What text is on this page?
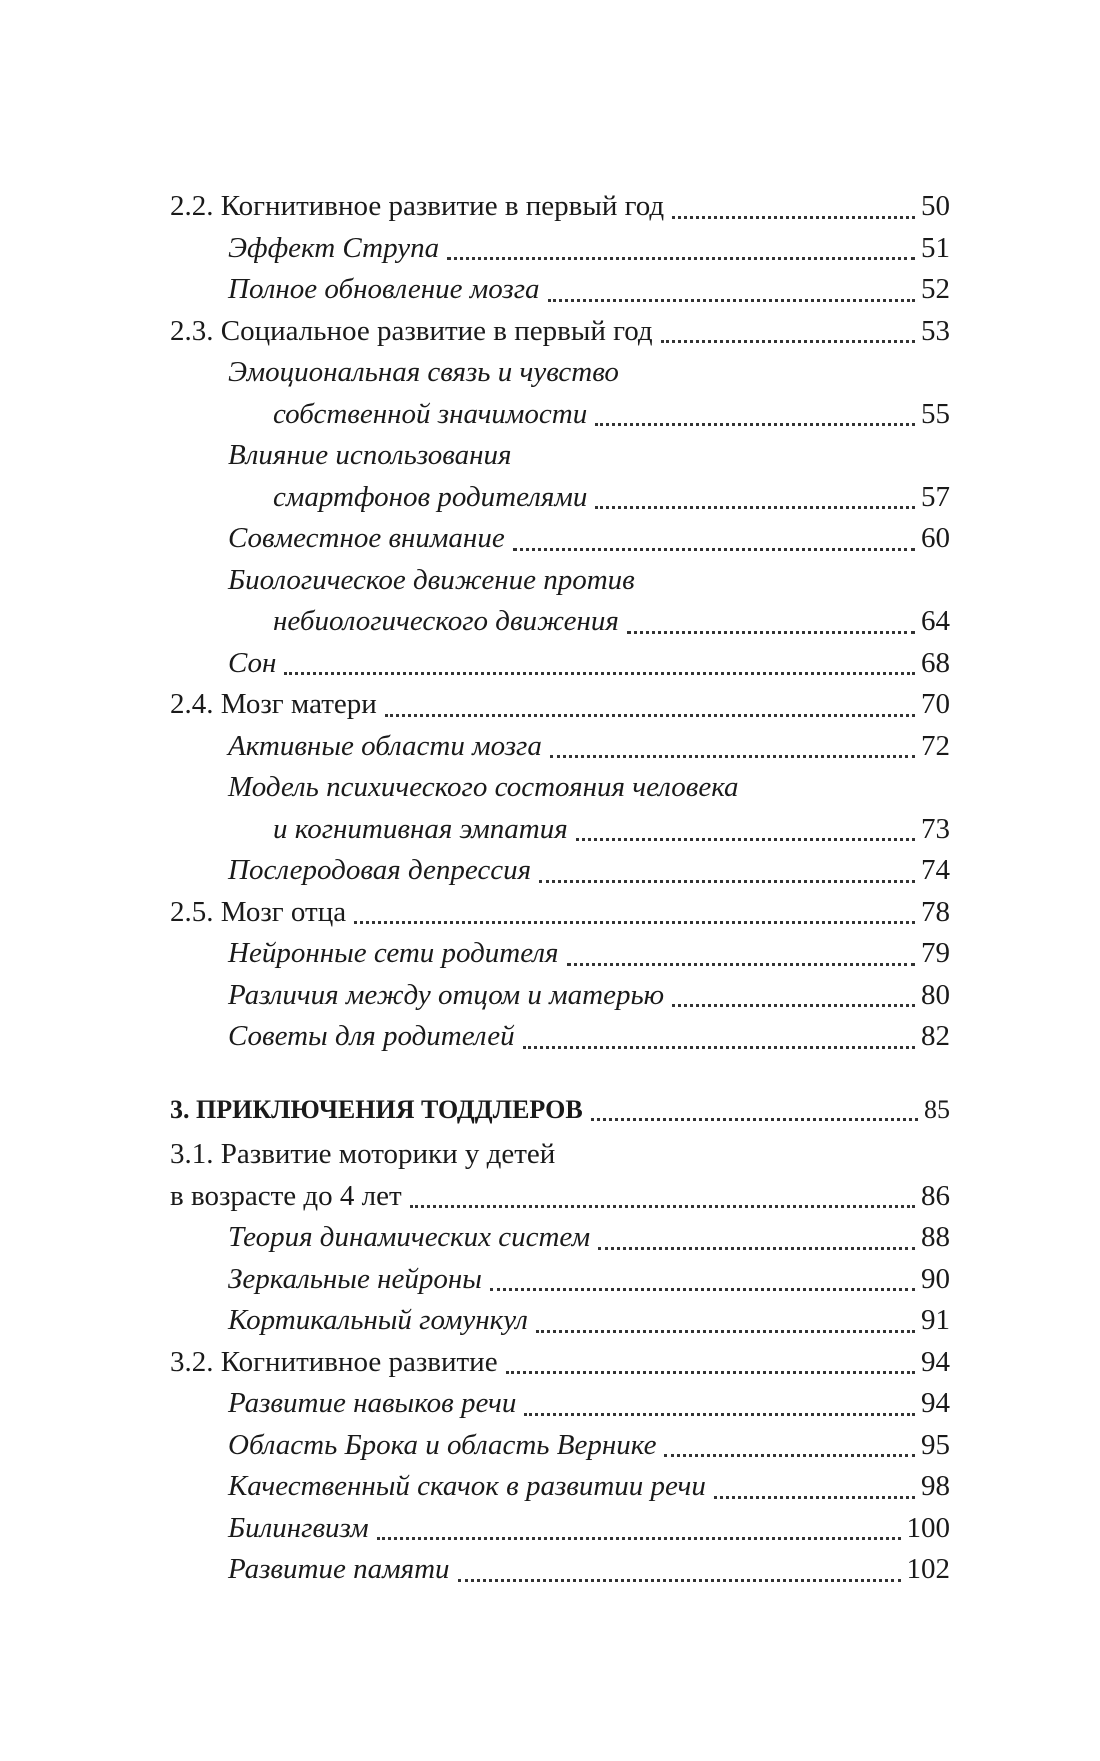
2.2. Когнитивное развитие в первый год	50
Эффект Струпа	51
Полное обновление мозга	52
2.3. Социальное развитие в первый год	53
Эмоциональная связь и чувство
собственной значимости	55
Влияние использования
смартфонов родителями	57
Совместное внимание	60
Биологическое движение против
небиологического движения	64
Сон	68
2.4. Мозг матери	70
Активные области мозга	72
Модель психического состояния человека
и когнитивная эмпатия	73
Послеродовая депрессия	74
2.5. Мозг отца	78
Нейронные сети родителя	79
Различия между отцом и матерью	80
Советы для родителей	82
3. ПРИКЛЮЧЕНИЯ ТОДДЛЕРОВ	85
3.1. Развитие моторики у детей
в возрасте до 4 лет	86
Теория динамических систем	88
Зеркальные нейроны	90
Кортикальный гомункул	91
3.2. Когнитивное развитие	94
Развитие навыков речи	94
Область Брока и область Вернике	95
Качественный скачок в развитии речи	98
Билингвизм	100
Развитие памяти	102
